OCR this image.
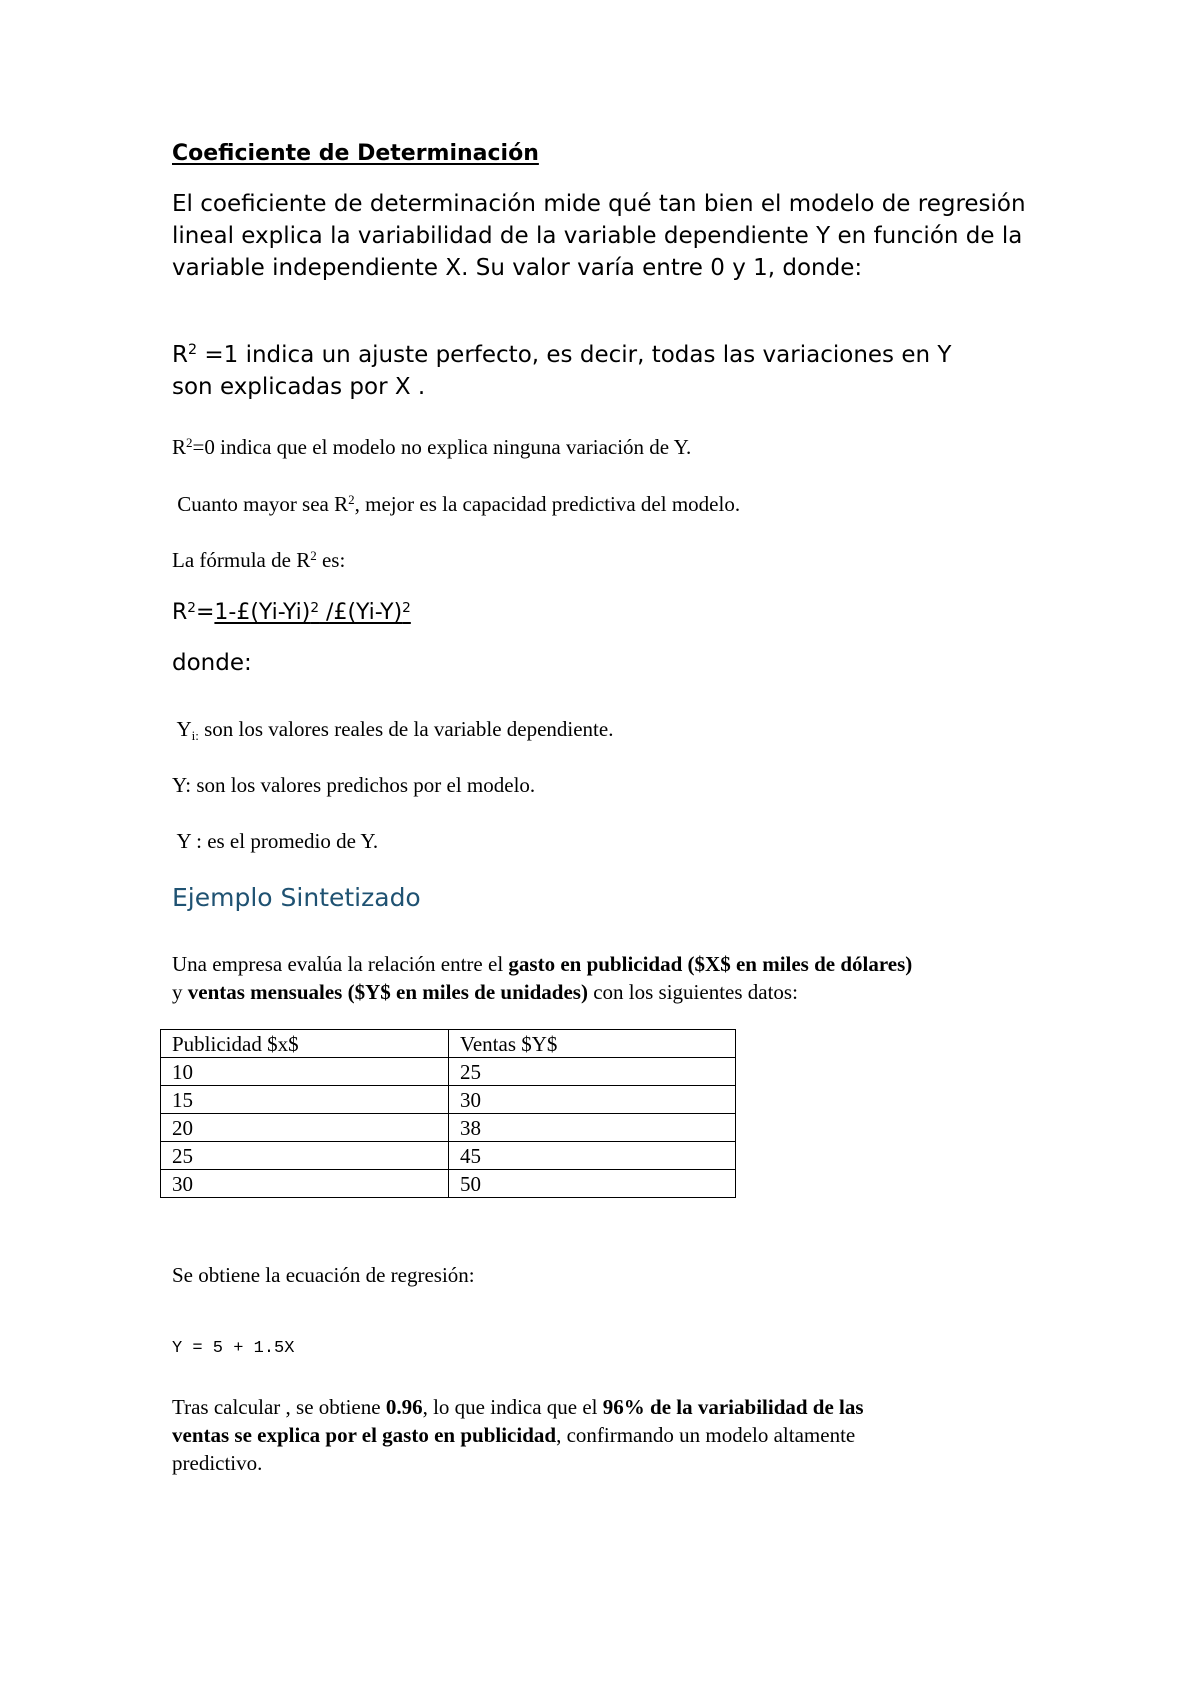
Coeficiente de Determinación

El coeficiente de determinación mide qué tan bien el modelo de regresión lineal explica la variabilidad de la variable dependiente Y en función de la variable independiente X. Su valor varía entre 0 y 1, donde:

$R^2 =1$ indica un ajuste perfecto, es decir, todas las variaciones en Y
son explicadas por X .
$R^2=0$ indica que el modelo no explica ninguna variación de Y.
Cuanto mayor sea $R^2$, mejor es la capacidad predictiva del modelo.
La fórmula de $R^2$ es:
$R^2=1-£(Yi-Yi)^2$ $/£(Yi-Y)^2$
donde:
$Y_{i:}$ son los valores reales de la variable dependiente.
Y: son los valores predichos por el modelo.
Y : es el promedio de Y.
Ejemplo Sintetizado
Una empresa evalúa la relación entre el gasto en publicidad ($X$ en miles de dólares)
y ventas mensuales ($Y$ en miles de unidades) con los siguientes datos:
Publicidad $x$	Ventas $Y$
10	25
15	30
20	38
25	45
30	50
Se obtiene la ecuación de regresión:
Y = 5 + 1.5X
Tras calcular , se obtiene 0.96, lo que indica que el 96% de la variabilidad de las
ventas se explica por el gasto en publicidad, confirmando un modelo altamente
predictivo.
